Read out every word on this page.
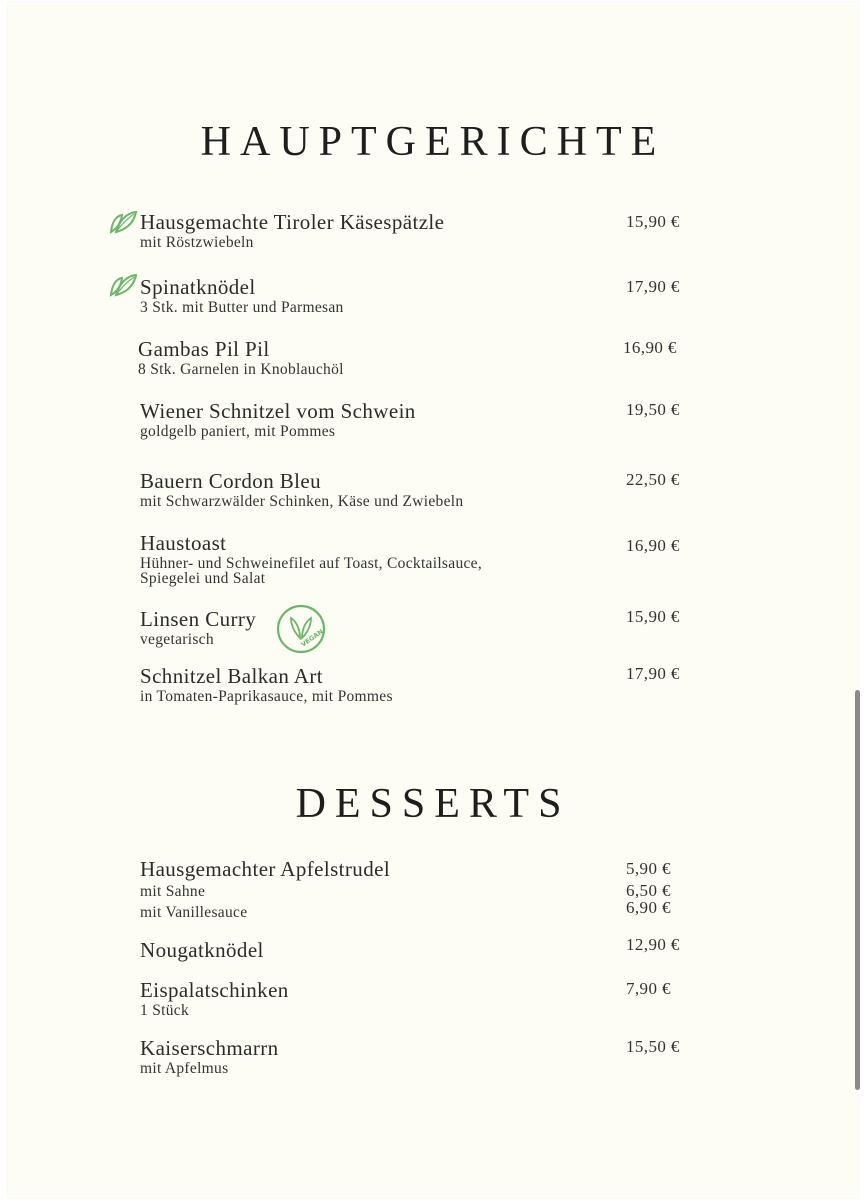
HAUPTGERICHTE
Hausgemachte Tiroler Käsespätzle
mit Röstzwiebeln
15,90 €
Spinatknödel
3 Stk. mit Butter und Parmesan
17,90 €
Gambas Pil Pil
8 Stk. Garnelen in Knoblauchöl
16,90 €
Wiener Schnitzel vom Schwein
goldgelb paniert, mit Pommes
19,50 €
Bauern Cordon Bleu
mit Schwarzwälder Schinken, Käse und Zwiebeln
22,50 €
Haustoast
Hühner- und Schweinefilet auf Toast, Cocktailsauce,
Spiegelei und Salat
16,90 €
Linsen Curry
vegetarisch
15,90 €
VEGAN
Schnitzel Balkan Art
in Tomaten-Paprikasauce, mit Pommes
17,90 €
DESSERTS
Hausgemachter Apfelstrudel
mit Sahne
mit Vanillesauce
5,90 €
6,50 €
6,90 €
Nougatknödel	12,90 €
Eispalatschinken
1 Stück
7,90 €
Kaiserschmarrn
mit Apfelmus
15,50 €
